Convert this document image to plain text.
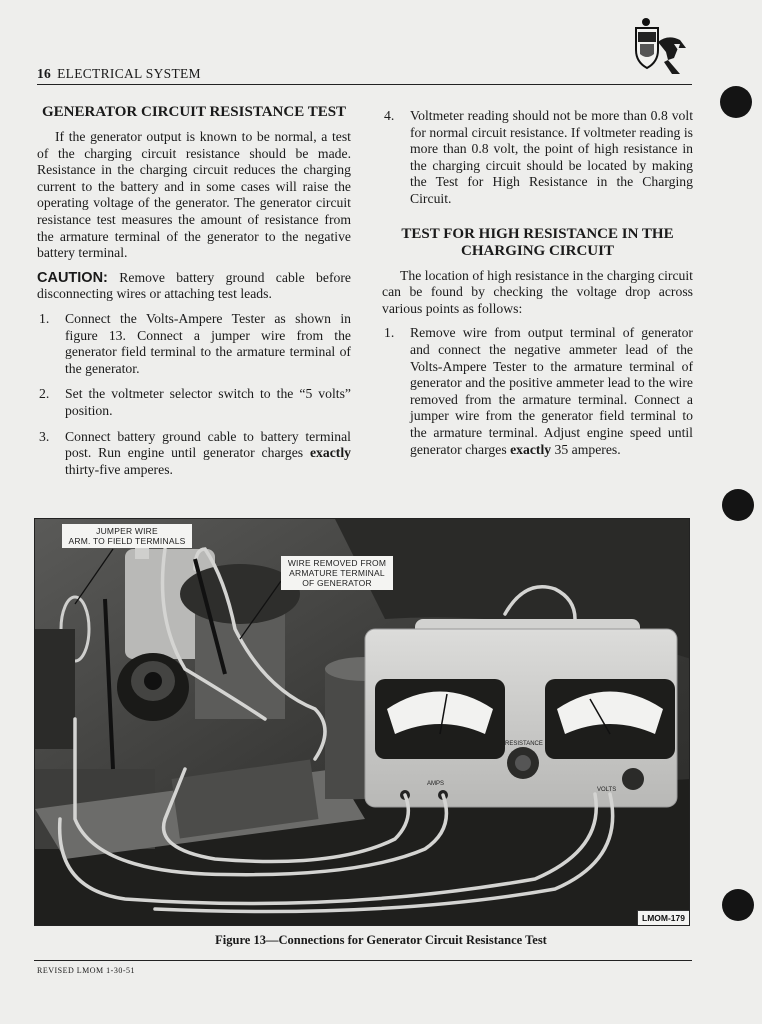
16 ELECTRICAL SYSTEM
GENERATOR CIRCUIT RESISTANCE TEST

If the generator output is known to be normal, a test of the charging circuit resistance should be made. Resistance in the charging circuit reduces the charging current to the battery and in some cases will raise the operating voltage of the generator. The generator circuit resistance test measures the amount of resistance from the armature terminal of the generator to the negative battery terminal.

CAUTION: Remove battery ground cable before disconnecting wires or attaching test leads.

1.	Connect the Volts-Ampere Tester as shown in figure 13. Connect a jumper wire from the generator field terminal to the armature terminal of the generator.
2.	Set the voltmeter selector switch to the “5 volts” position.
3.	Connect battery ground cable to battery terminal post. Run engine until generator charges exactly thirty-five amperes.
4.	Voltmeter reading should not be more than 0.8 volt for normal circuit resistance. If voltmeter reading is more than 0.8 volt, the point of high resistance in the charging circuit should be located by making the Test for High Resistance in the Charging Circuit.
TEST FOR HIGH RESISTANCE IN THE CHARGING CIRCUIT

The location of high resistance in the charging circuit can be found by checking the voltage drop across various points as follows:

1.	Remove wire from output terminal of generator and connect the negative ammeter lead of the Volts-Ampere Tester to the armature terminal of generator and the positive ammeter lead to the wire removed from the armature terminal. Connect a jumper wire from the generator field terminal to the armature terminal. Adjust engine speed until generator charges exactly 35 amperes.
AMPS
RESISTANCE
VOLTS
JUMPER WIRE
ARM. TO FIELD TERMINALS
WIRE REMOVED FROM
ARMATURE TERMINAL
OF GENERATOR
LMOM-179
Figure 13—Connections for Generator Circuit Resistance Test
REVISED LMOM 1-30-51
